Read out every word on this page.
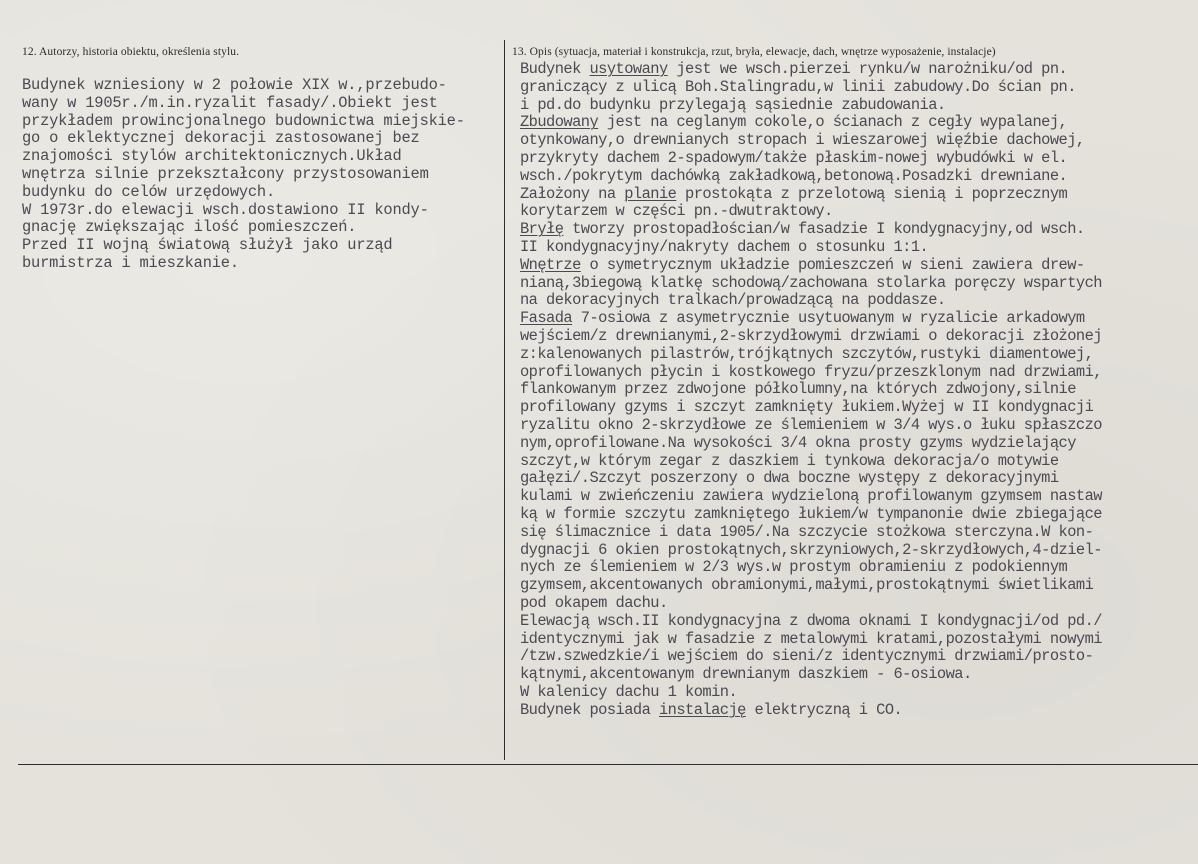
12. Autorzy, historia obiektu, określenia stylu.	13. Opis (sytuacja, materiał i konstrukcja, rzut, bryła, elewacje, dach, wnętrze wyposażenie, instalacje)
Budynek wzniesiony w 2 połowie XIX w.,przebudo-
wany w 1905r./m.in.ryzalit fasady/.Obiekt jest
przykładem prowincjonalnego budownictwa miejskie-
go o eklektycznej dekoracji zastosowanej bez
znajomości stylów architektonicznych.Układ
wnętrza silnie przekształcony przystosowaniem
budynku do celów urzędowych.
W 1973r.do elewacji wsch.dostawiono II kondy-
gnację zwiększając ilość pomieszczeń.
Przed II wojną światową służył jako urząd
burmistrza i mieszkanie.
Budynek usytowany jest we wsch.pierzei rynku/w narożniku/od pn.
graniczący z ulicą Boh.Stalingradu,w linii zabudowy.Do ścian pn.
i pd.do budynku przylegają sąsiednie zabudowania.
Zbudowany jest na ceglanym cokole,o ścianach z cegły wypalanej,
otynkowany,o drewnianych stropach i wieszarowej więźbie dachowej,
przykryty dachem 2-spadowym/także płaskim-nowej wybudówki w el.
wsch./pokrytym dachówką zakładkową,betonową.Posadzki drewniane.
Założony na planie prostokąta z przelotową sienią i poprzecznym
korytarzem w części pn.-dwutraktowy.
Bryłę tworzy prostopadłościan/w fasadzie I kondygnacyjny,od wsch.
II kondygnacyjny/nakryty dachem o stosunku 1:1.
Wnętrze o symetrycznym układzie pomieszczeń w sieni zawiera drew-
nianą,3biegową klatkę schodową/zachowana stolarka poręczy wspartych
na dekoracyjnych tralkach/prowadzącą na poddasze.
Fasada 7-osiowa z asymetrycznie usytuowanym w ryzalicie arkadowym
wejściem/z drewnianymi,2-skrzydłowymi drzwiami o dekoracji złożonej
z:kalenowanych pilastrów,trójkątnych szczytów,rustyki diamentowej,
oprofilowanych płycin i kostkowego fryzu/przeszklonym nad drzwiami,
flankowanym przez zdwojone półkolumny,na których zdwojony,silnie
profilowany gzyms i szczyt zamknięty łukiem.Wyżej w II kondygnacji
ryzalitu okno 2-skrzydłowe ze ślemieniem w 3/4 wys.o łuku spłaszczo
nym,oprofilowane.Na wysokości 3/4 okna prosty gzyms wydzielający
szczyt,w którym zegar z daszkiem i tynkowa dekoracja/o motywie
gałęzi/.Szczyt poszerzony o dwa boczne występy z dekoracyjnymi
kulami w zwieńczeniu zawiera wydzieloną profilowanym gzymsem nastaw
ką w formie szczytu zamkniętego łukiem/w tympanonie dwie zbiegające
się ślimacznice i data 1905/.Na szczycie stożkowa sterczyna.W kon-
dygnacji 6 okien prostokątnych,skrzyniowych,2-skrzydłowych,4-dziel-
nych ze ślemieniem w 2/3 wys.w prostym obramieniu z podokiennym
gzymsem,akcentowanych obramionymi,małymi,prostokątnymi świetlikami
pod okapem dachu.
Elewacją wsch.II kondygnacyjna z dwoma oknami I kondygnacji/od pd./
identycznymi jak w fasadzie z metalowymi kratami,pozostałymi nowymi
/tzw.szwedzkie/i wejściem do sieni/z identycznymi drzwiami/prosto-
kątnymi,akcentowanym drewnianym daszkiem - 6-osiowa.
W kalenicy dachu 1 komin.
Budynek posiada instalację elektryczną i CO.
